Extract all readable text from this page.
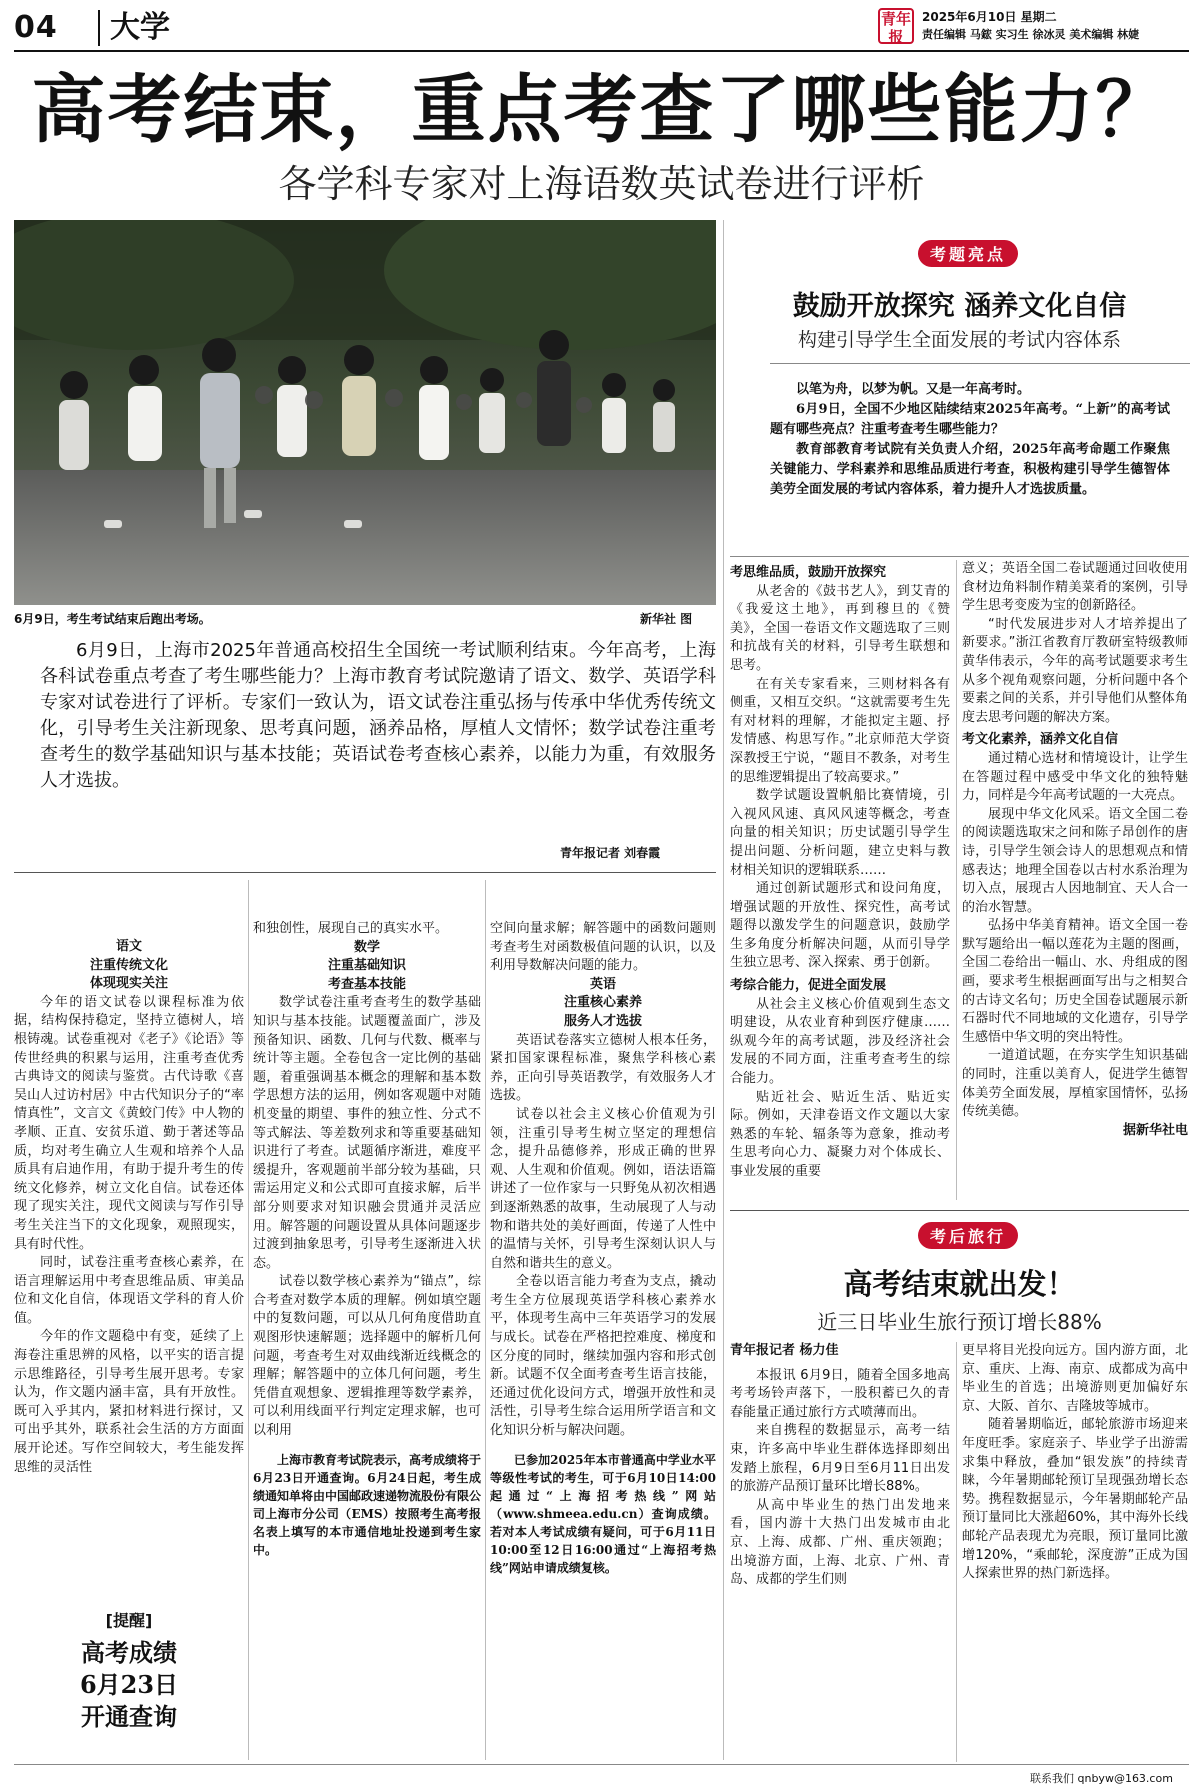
04	大学	青年报
2025年6月10日 星期二
责任编辑 马鋐 实习生 徐冰灵 美术编辑 林婕
高考结束，重点考查了哪些能力？
各学科专家对上海语数英试卷进行评析
6月9日，考生考试结束后跑出考场。	新华社 图
6月9日，上海市2025年普通高校招生全国统一考试顺利结束。今年高考，上海各科试卷重点考查了考生哪些能力？上海市教育考试院邀请了语文、数学、英语学科专家对试卷进行了评析。专家们一致认为，语文试卷注重弘扬与传承中华优秀传统文化，引导考生关注新现象、思考真问题，涵养品格，厚植人文情怀；数学试卷注重考查考生的数学基础知识与基本技能；英语试卷考查核心素养，以能力为重，有效服务人才选拔。
青年报记者 刘春霞
考题亮点
鼓励开放探究 涵养文化自信
构建引导学生全面发展的考试内容体系

以笔为舟，以梦为帆。又是一年高考时。

6月9日，全国不少地区陆续结束2025年高考。“上新”的高考试题有哪些亮点？注重考查考生哪些能力？

教育部教育考试院有关负责人介绍，2025年高考命题工作聚焦关键能力、学科素养和思维品质进行考查，积极构建引导学生德智体美劳全面发展的考试内容体系，着力提升人才选拔质量。

考思维品质，鼓励开放探究

从老舍的《鼓书艺人》，到艾青的《我爱这土地》，再到穆旦的《赞美》，全国一卷语文作文题选取了三则和抗战有关的材料，引导考生联想和思考。

在有关专家看来，三则材料各有侧重，又相互交织。“这就需要考生先有对材料的理解，才能拟定主题、抒发情感、构思写作。”北京师范大学资深教授王宁说，“题目不教条，对考生的思维逻辑提出了较高要求。”

数学试题设置帆船比赛情境，引入视风风速、真风风速等概念，考查向量的相关知识；历史试题引导学生提出问题、分析问题，建立史料与教材相关知识的逻辑联系……

通过创新试题形式和设问角度，增强试题的开放性、探究性，高考试题得以激发学生的问题意识，鼓励学生多角度分析解决问题，从而引导学生独立思考、深入探索、勇于创新。

考综合能力，促进全面发展

从社会主义核心价值观到生态文明建设，从农业育种到医疗健康……纵观今年的高考试题，涉及经济社会发展的不同方面，注重考查考生的综合能力。

贴近社会、贴近生活、贴近实际。例如，天津卷语文作文题以大家熟悉的车轮、辐条等为意象，推动考生思考向心力、凝聚力对个体成长、事业发展的重要

意义；英语全国二卷试题通过回收使用食材边角料制作精美菜肴的案例，引导学生思考变废为宝的创新路径。

“时代发展进步对人才培养提出了新要求。”浙江省教育厅教研室特级教师黄华伟表示，今年的高考试题要求考生从多个视角观察问题，分析问题中各个要素之间的关系，并引导他们从整体角度去思考问题的解决方案。

考文化素养，涵养文化自信

通过精心选材和情境设计，让学生在答题过程中感受中华文化的独特魅力，同样是今年高考试题的一大亮点。

展现中华文化风采。语文全国二卷的阅读题选取宋之问和陈子昂创作的唐诗，引导学生领会诗人的思想观点和情感表达；地理全国卷以古村水系治理为切入点，展现古人因地制宜、天人合一的治水智慧。

弘扬中华美育精神。语文全国一卷默写题给出一幅以莲花为主题的图画，全国二卷给出一幅山、水、舟组成的图画，要求考生根据画面写出与之相契合的古诗文名句；历史全国卷试题展示新石器时代不同地域的文化遗存，引导学生感悟中华文明的突出特性。

一道道试题，在夯实学生知识基础的同时，注重以美育人，促进学生德智体美劳全面发展，厚植家国情怀，弘扬传统美德。

据新华社电

语文

注重传统文化

体现现实关注

今年的语文试卷以课程标准为依据，结构保持稳定，坚持立德树人，培根铸魂。试卷重视对《老子》《论语》等传世经典的积累与运用，注重考查优秀古典诗文的阅读与鉴赏。古代诗歌《喜吴山人过访村居》中古代知识分子的“率情真性”，文言文《黄蛟门传》中人物的孝顺、正直、安贫乐道、勤于著述等品质，均对考生确立人生观和培养个人品质具有启迪作用，有助于提升考生的传统文化修养，树立文化自信。试卷还体现了现实关注，现代文阅读与写作引导考生关注当下的文化现象，观照现实，具有时代性。

同时，试卷注重考查核心素养，在语言理解运用中考查思维品质、审美品位和文化自信，体现语文学科的育人价值。

今年的作文题稳中有变，延续了上海卷注重思辨的风格，以平实的语言提示思维路径，引导考生展开思考。专家认为，作文题内涵丰富，具有开放性。既可入乎其内，紧扣材料进行探讨，又可出乎其外，联系社会生活的方方面面展开论述。写作空间较大，考生能发挥思维的灵活性

和独创性，展现自己的真实水平。

数学

注重基础知识

考查基本技能

数学试卷注重考查考生的数学基础知识与基本技能。试题覆盖面广，涉及预备知识、函数、几何与代数、概率与统计等主题。全卷包含一定比例的基础题，着重强调基本概念的理解和基本数学思想方法的运用，例如客观题中对随机变量的期望、事件的独立性、分式不等式解法、等差数列求和等重要基础知识进行了考查。试题循序渐进，难度平缓提升，客观题前半部分较为基础，只需运用定义和公式即可直接求解，后半部分则要求对知识融会贯通并灵活应用。解答题的问题设置从具体问题逐步过渡到抽象思考，引导考生逐渐进入状态。

试卷以数学核心素养为“锚点”，综合考查对数学本质的理解。例如填空题中的复数问题，可以从几何角度借助直观图形快速解题；选择题中的解析几何问题，考查考生对双曲线渐近线概念的理解；解答题中的立体几何问题，考生凭借直观想象、逻辑推理等数学素养，可以利用线面平行判定定理求解，也可以利用

上海市教育考试院表示，高考成绩将于6月23日开通查询。6月24日起，考生成绩通知单将由中国邮政速递物流股份有限公司上海市分公司（EMS）按照考生高考报名表上填写的本市通信地址投递到考生家中。

空间向量求解；解答题中的函数问题则考查考生对函数极值问题的认识，以及利用导数解决问题的能力。

英语

注重核心素养

服务人才选拔

英语试卷落实立德树人根本任务，紧扣国家课程标准，聚焦学科核心素养，正向引导英语教学，有效服务人才选拔。

试卷以社会主义核心价值观为引领，注重引导考生树立坚定的理想信念，提升品德修养，形成正确的世界观、人生观和价值观。例如，语法语篇讲述了一位作家与一只野兔从初次相遇到逐渐熟悉的故事，生动展现了人与动物和谐共处的美好画面，传递了人性中的温情与关怀，引导考生深刻认识人与自然和谐共生的意义。

全卷以语言能力考查为支点，撬动考生全方位展现英语学科核心素养水平，体现考生高中三年英语学习的发展与成长。试卷在严格把控难度、梯度和区分度的同时，继续加强内容和形式创新。试题不仅全面考查考生语言技能，还通过优化设问方式，增强开放性和灵活性，引导考生综合运用所学语言和文化知识分析与解决问题。

已参加2025年本市普通高中学业水平等级性考试的考生，可于6月10日14:00起通过“上海招考热线”网站（www.shmeea.edu.cn）查询成绩。若对本人考试成绩有疑问，可于6月11日10:00至12日16:00通过“上海招考热线”网站申请成绩复核。

[提醒]
高考成绩
6月23日
开通查询
考后旅行
高考结束就出发！
近三日毕业生旅行预订增长88%

青年报记者 杨力佳

本报讯 6月9日，随着全国多地高考考场铃声落下，一股积蓄已久的青春能量正通过旅行方式喷薄而出。

来自携程的数据显示，高考一结束，许多高中毕业生群体选择即刻出发踏上旅程，6月9日至6月11日出发的旅游产品预订量环比增长88%。

从高中毕业生的热门出发地来看，国内游十大热门出发城市由北京、上海、成都、广州、重庆领跑；出境游方面，上海、北京、广州、青岛、成都的学生们则

更早将目光投向远方。国内游方面，北京、重庆、上海、南京、成都成为高中毕业生的首选；出境游则更加偏好东京、大阪、首尔、吉隆坡等城市。

随着暑期临近，邮轮旅游市场迎来年度旺季。家庭亲子、毕业学子出游需求集中释放，叠加“银发族”的持续青睐，今年暑期邮轮预订呈现强劲增长态势。携程数据显示，今年暑期邮轮产品预订量同比大涨超60%，其中海外长线邮轮产品表现尤为亮眼，预订量同比激增120%，“乘邮轮，深度游”正成为国人探索世界的热门新选择。

联系我们 qnbyw@163.com
